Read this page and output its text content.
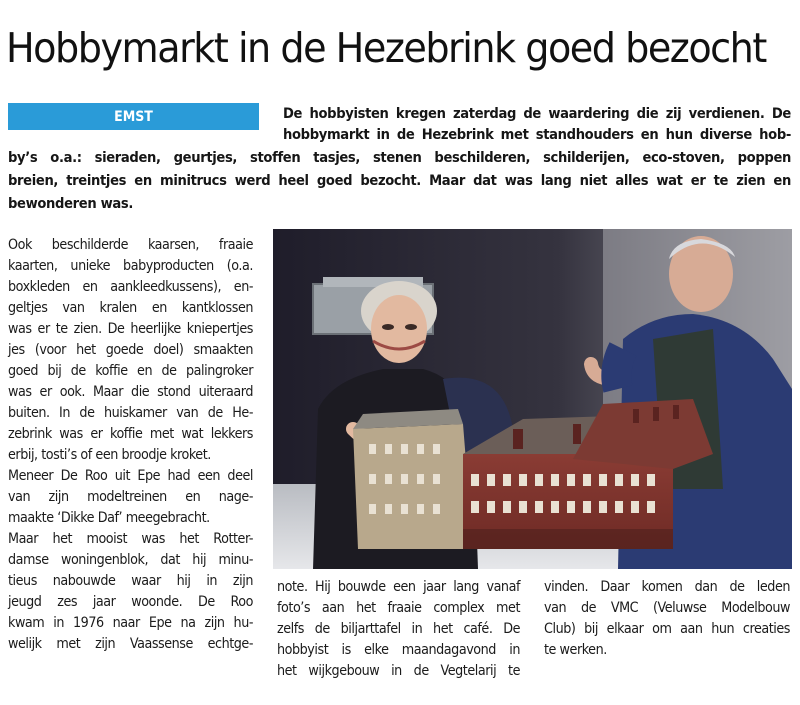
Hobbymarkt in de Hezebrink goed bezocht
EMST	De hobbyisten kregen zaterdag de waardering die zij verdienen. De
hobbymarkt in de Hezebrink met standhouders en hun diverse hob-
by’s o.a.: sieraden, geurtjes, stoffen tasjes, stenen beschilderen, schilderijen, eco-stoven, poppen
breien, treintjes en minitrucs werd heel goed bezocht. Maar dat was lang niet alles wat er te zien en
bewonderen was.
Ook beschilderde kaarsen, fraaie
kaarten, unieke babyproducten (o.a.
boxkleden en aankleedkussens), en-
geltjes van kralen en kantklossen
was er te zien. De heerlijke kniepertjes
jes (voor het goede doel) smaakten
goed bij de koffie en de palingroker
was er ook. Maar die stond uiteraard
buiten. In de huiskamer van de He-
zebrink was er koffie met wat lekkers
erbij, tosti’s of een broodje kroket.
Meneer De Roo uit Epe had een deel
van zijn modeltreinen en nage-
maakte ‘Dikke Daf’ meegebracht.
Maar het mooist was het Rotter-
damse woningenblok, dat hij minu-
tieus nabouwde waar hij in zijn
jeugd zes jaar woonde. De Roo
kwam in 1976 naar Epe na zijn hu-
welijk met zijn Vaassense echtge-
note. Hij bouwde een jaar lang vanaf
foto’s aan het fraaie complex met
zelfs de biljarttafel in het café. De
hobbyist is elke maandagavond in
het wijkgebouw in de Vegtelarij te
vinden. Daar komen dan de leden
van de VMC (Veluwse Modelbouw
Club) bij elkaar om aan hun creaties
te werken.
